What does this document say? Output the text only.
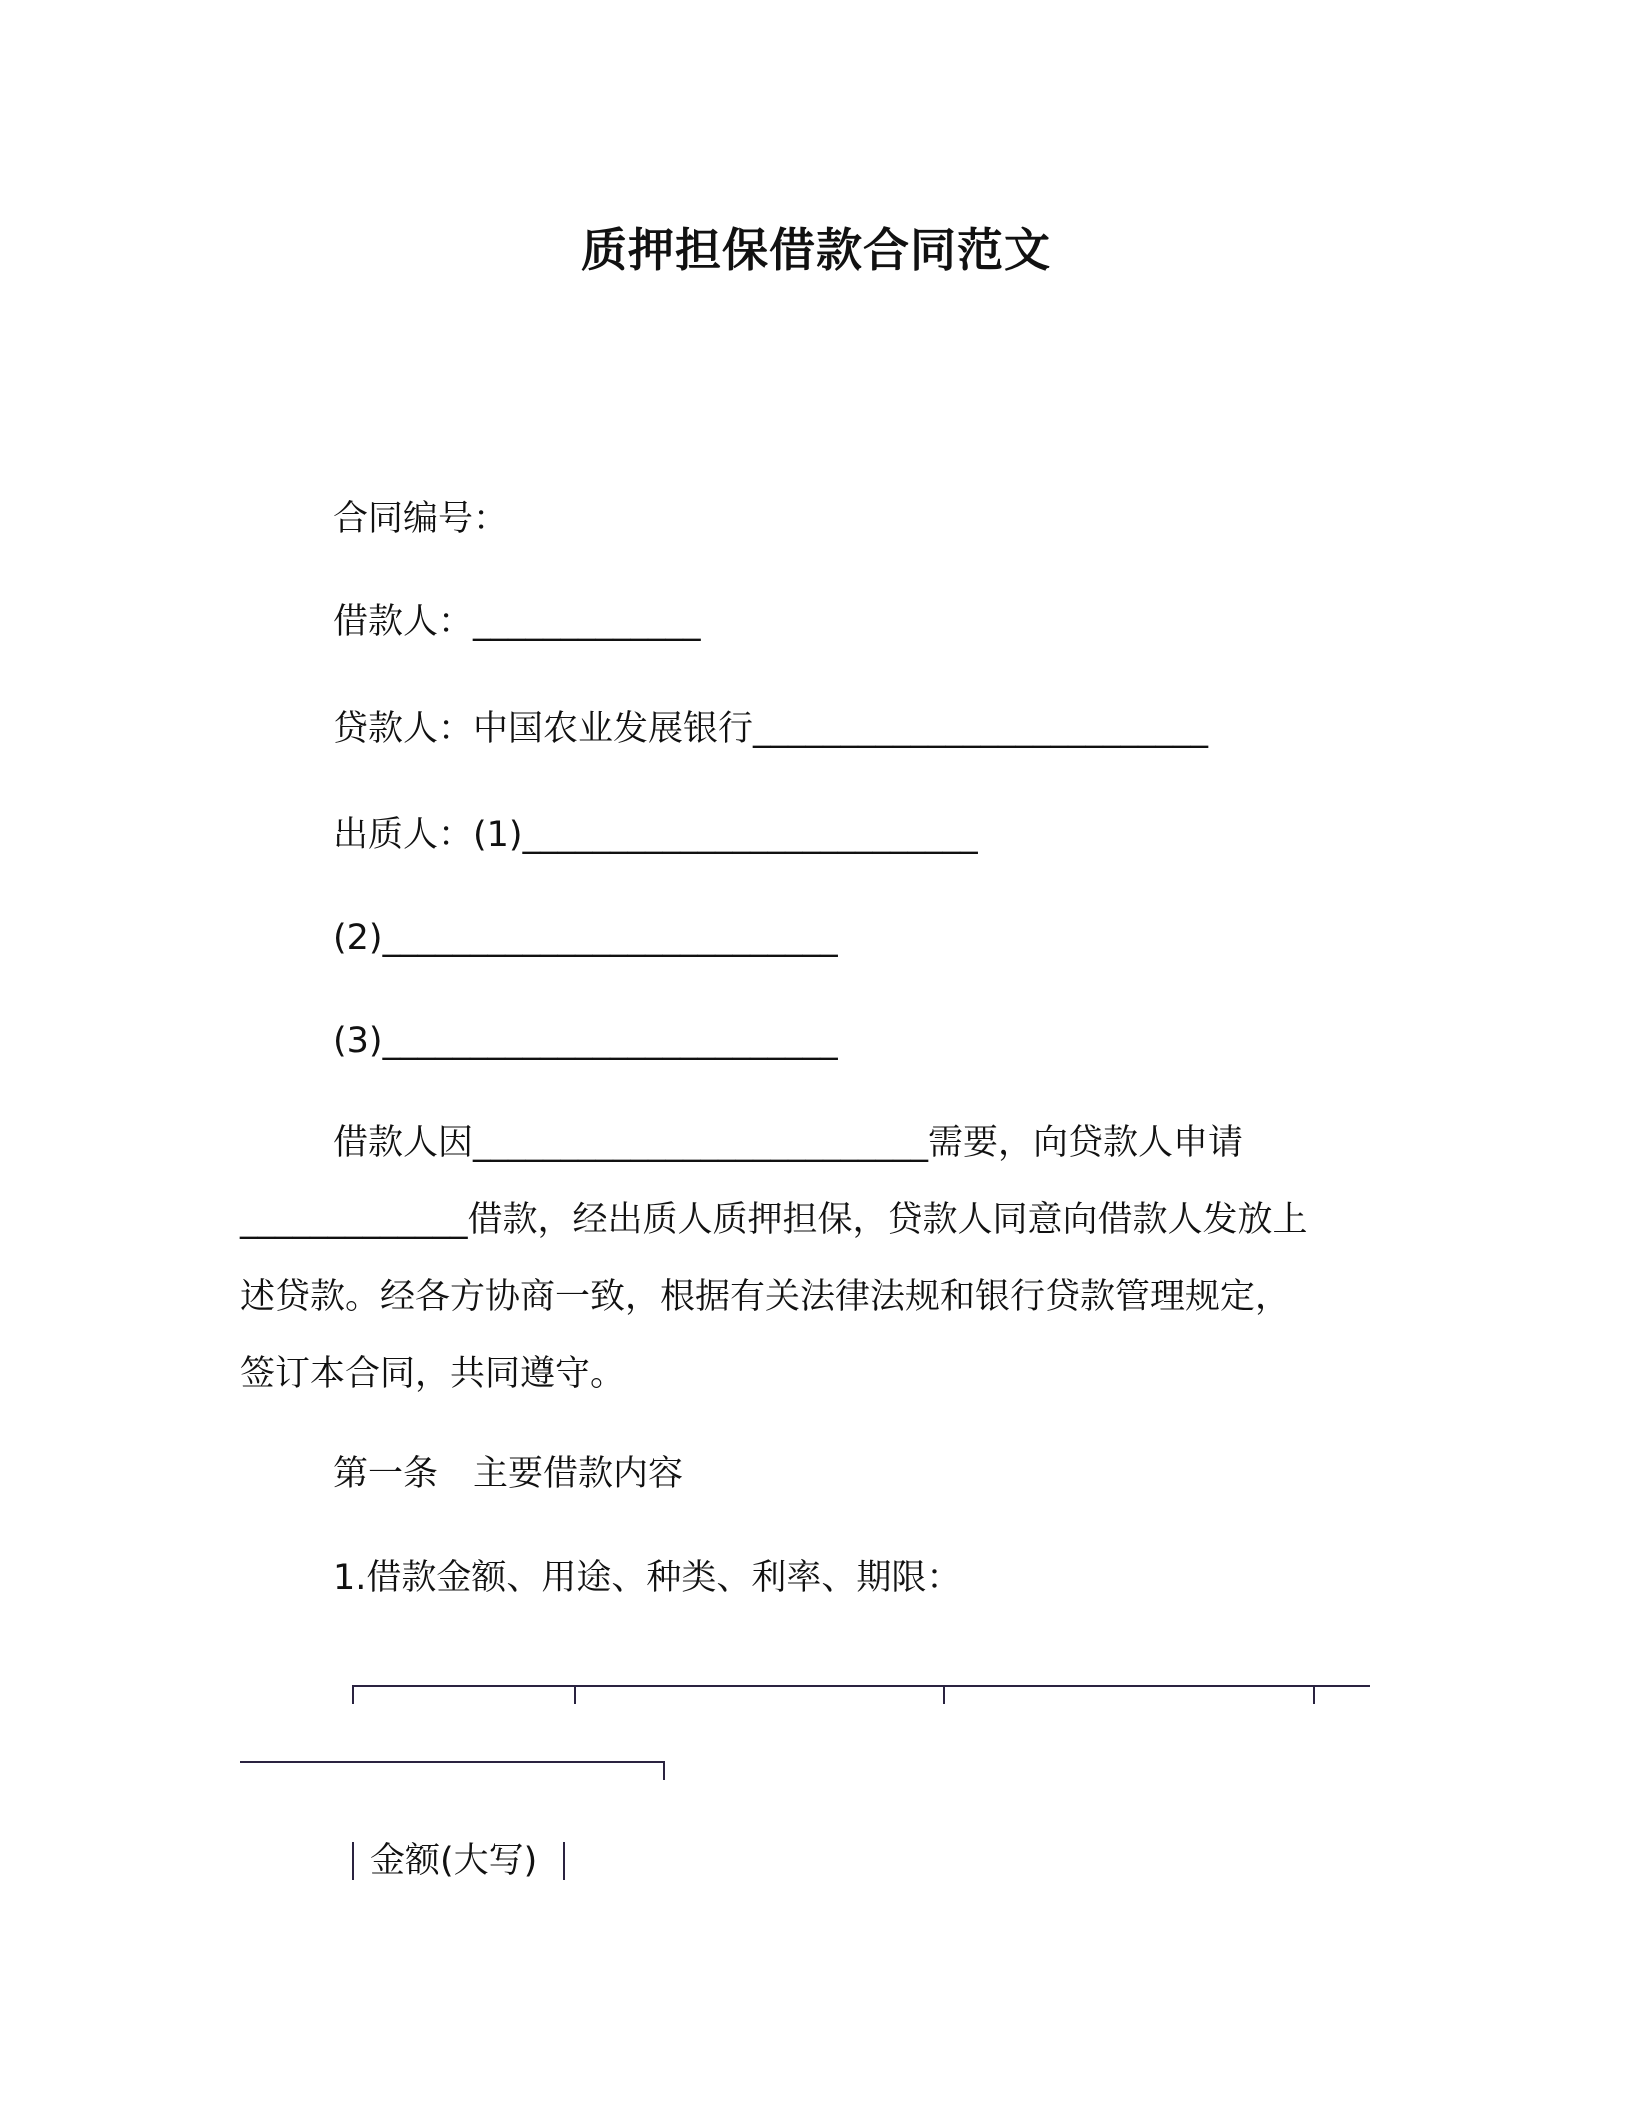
质押担保借款合同范文
合同编号：
借款人：_____________
贷款人：中国农业发展银行__________________________
出质人：(1)__________________________
(2)__________________________
(3)__________________________
借款人因__________________________需要，向贷款人申请
_____________借款，经出质人质押担保，贷款人同意向借款人发放上
述贷款。经各方协商一致，根据有关法律法规和银行贷款管理规定，
签订本合同，共同遵守。
第一条　主要借款内容
1.借款金额、用途、种类、利率、期限：
金额(大写)
